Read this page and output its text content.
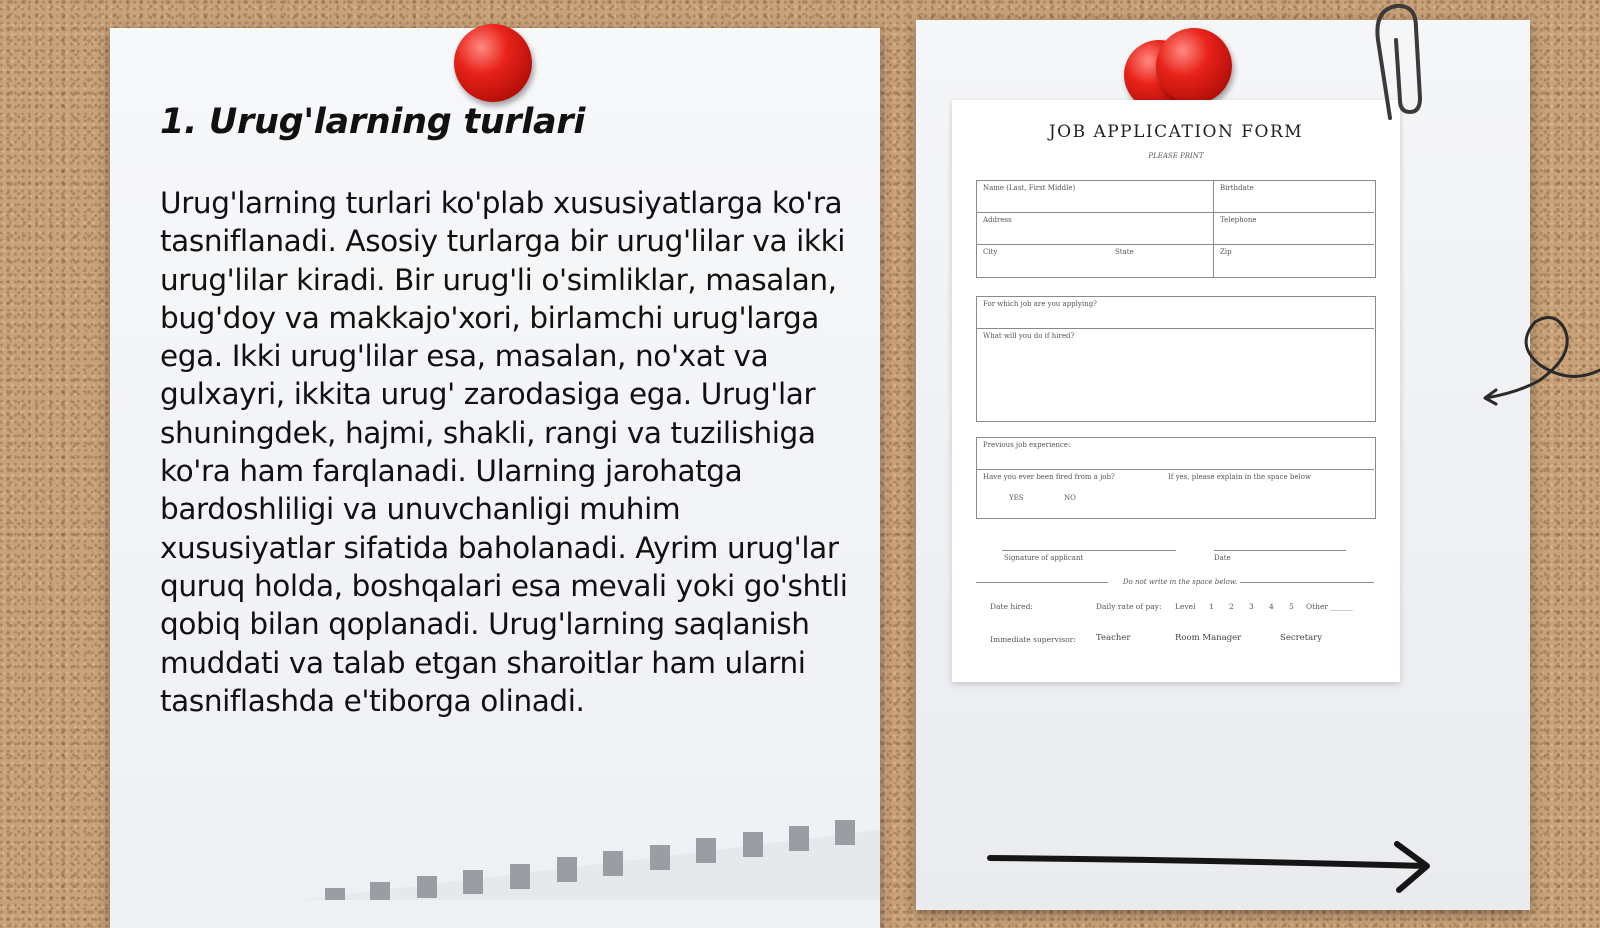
1. Urug'larning turlari

Urug'larning turlari ko'plab xususiyatlarga ko'ra tasniflanadi. Asosiy turlarga bir urug'lilar va ikki urug'lilar kiradi. Bir urug'li o'simliklar, masalan, bug'doy va makkajo'xori, birlamchi urug'larga ega. Ikki urug'lilar esa, masalan, no'xat va gulxayri, ikkita urug' zarodasiga ega. Urug'lar shuningdek, hajmi, shakli, rangi va tuzilishiga ko'ra ham farqlanadi. Ularning jarohatga bardoshliligi va unuvchanligi muhim xususiyatlar sifatida baholanadi. Ayrim urug'lar quruq holda, boshqalari esa mevali yoki go'shtli qobiq bilan qoplanadi. Urug'larning saqlanish muddati va talab etgan sharoitlar ham ularni tasniflashda e'tiborga olinadi.

JOB APPLICATION FORM
PLEASE PRINT
Name (Last, First Middle)	Birthdate
Address	Telephone
City	State	Zip
For which job are you applying?
What will you do if hired?
Previous job experience:
Have you ever been fired from a job?	If yes, please explain in the space below
YES	NO
Signature of applicant	Date
Do not write in the space below.
Date hired:	Daily rate of pay: Level 1 2 3 4 5 Other ______
Immediate supervisor: Teacher	Room Manager	Secretary
